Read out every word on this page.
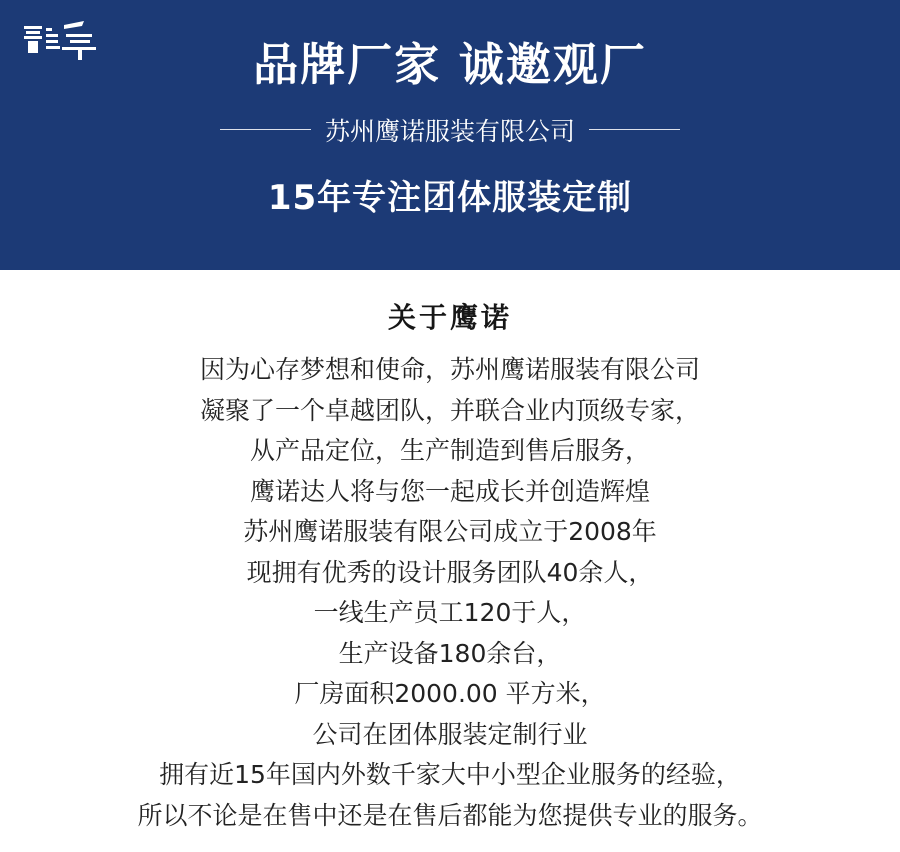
品牌厂家 诚邀观厂
苏州鹰诺服装有限公司
15年专注团体服装定制
关于鹰诺
因为心存梦想和使命，苏州鹰诺服装有限公司
凝聚了一个卓越团队，并联合业内顶级专家，
从产品定位，生产制造到售后服务，
鹰诺达人将与您一起成长并创造辉煌
苏州鹰诺服装有限公司成立于2008年
现拥有优秀的设计服务团队40余人，
一线生产员工120于人，
生产设备180余台，
厂房面积2000.00 平方米，
公司在团体服装定制行业
拥有近15年国内外数千家大中小型企业服务的经验，
所以不论是在售中还是在售后都能为您提供专业的服务。
